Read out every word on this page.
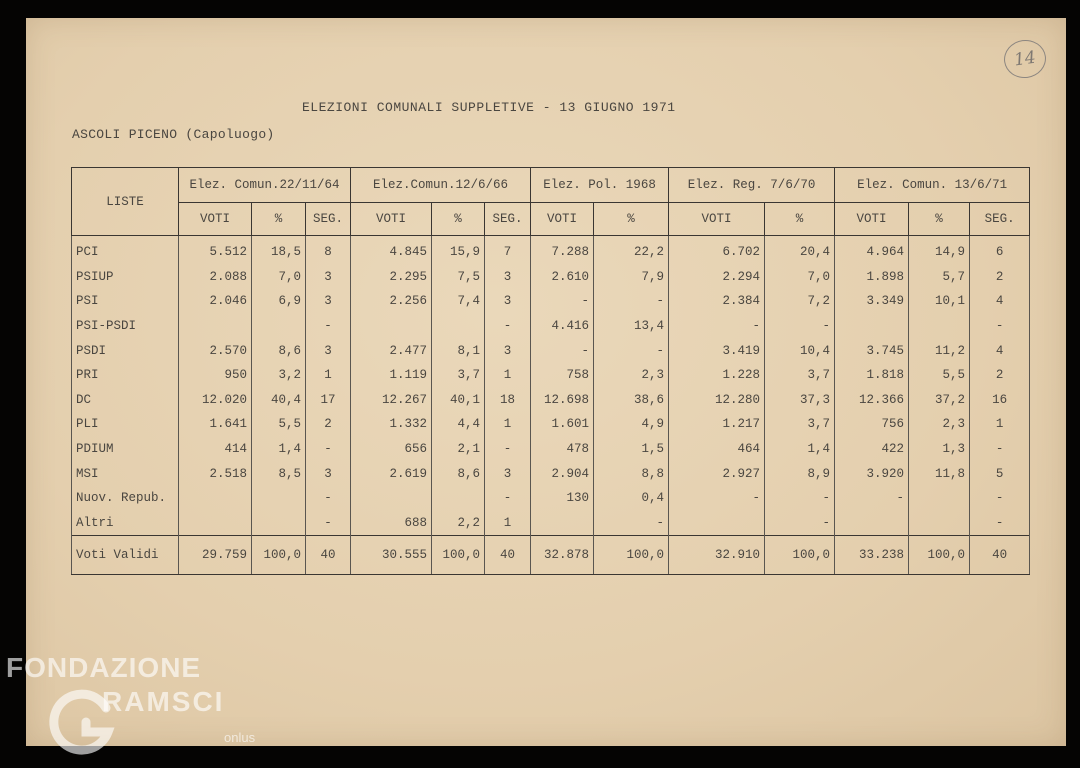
14
ELEZIONI COMUNALI SUPPLETIVE - 13 GIUGNO 1971
ASCOLI PICENO (Capoluogo)
LISTE	Elez. Comun.22/11/64			Elez.Comun.12/6/66			Elez. Pol. 1968		Elez. Reg. 7/6/70		Elez. Comun. 13/6/71		
	VOTI	%	SEG.	VOTI	%	SEG.	VOTI	%	VOTI	%	VOTI	%	SEG.
PCI	5.512	18,5	8	4.845	15,9	7	7.288	22,2	6.702	20,4	4.964	14,9	6
PSIUP	2.088	7,0	3	2.295	7,5	3	2.610	7,9	2.294	7,0	1.898	5,7	2
PSI	2.046	6,9	3	2.256	7,4	3	-	-	2.384	7,2	3.349	10,1	4
PSI-PSDI			-			-	4.416	13,4	-	-			-
PSDI	2.570	8,6	3	2.477	8,1	3	-	-	3.419	10,4	3.745	11,2	4
PRI	950	3,2	1	1.119	3,7	1	758	2,3	1.228	3,7	1.818	5,5	2
DC	12.020	40,4	17	12.267	40,1	18	12.698	38,6	12.280	37,3	12.366	37,2	16
PLI	1.641	5,5	2	1.332	4,4	1	1.601	4,9	1.217	3,7	756	2,3	1
PDIUM	414	1,4	-	656	2,1	-	478	1,5	464	1,4	422	1,3	-
MSI	2.518	8,5	3	2.619	8,6	3	2.904	8,8	2.927	8,9	3.920	11,8	5
Nuov. Repub.			-			-	130	0,4	-	-	-		-
Altri			-	688	2,2	1		-		-			-
Voti Validi	29.759	100,0	40	30.555	100,0	40	32.878	100,0	32.910	100,0	33.238	100,0	40
FONDAZIONE
RAMSCI
onlus
